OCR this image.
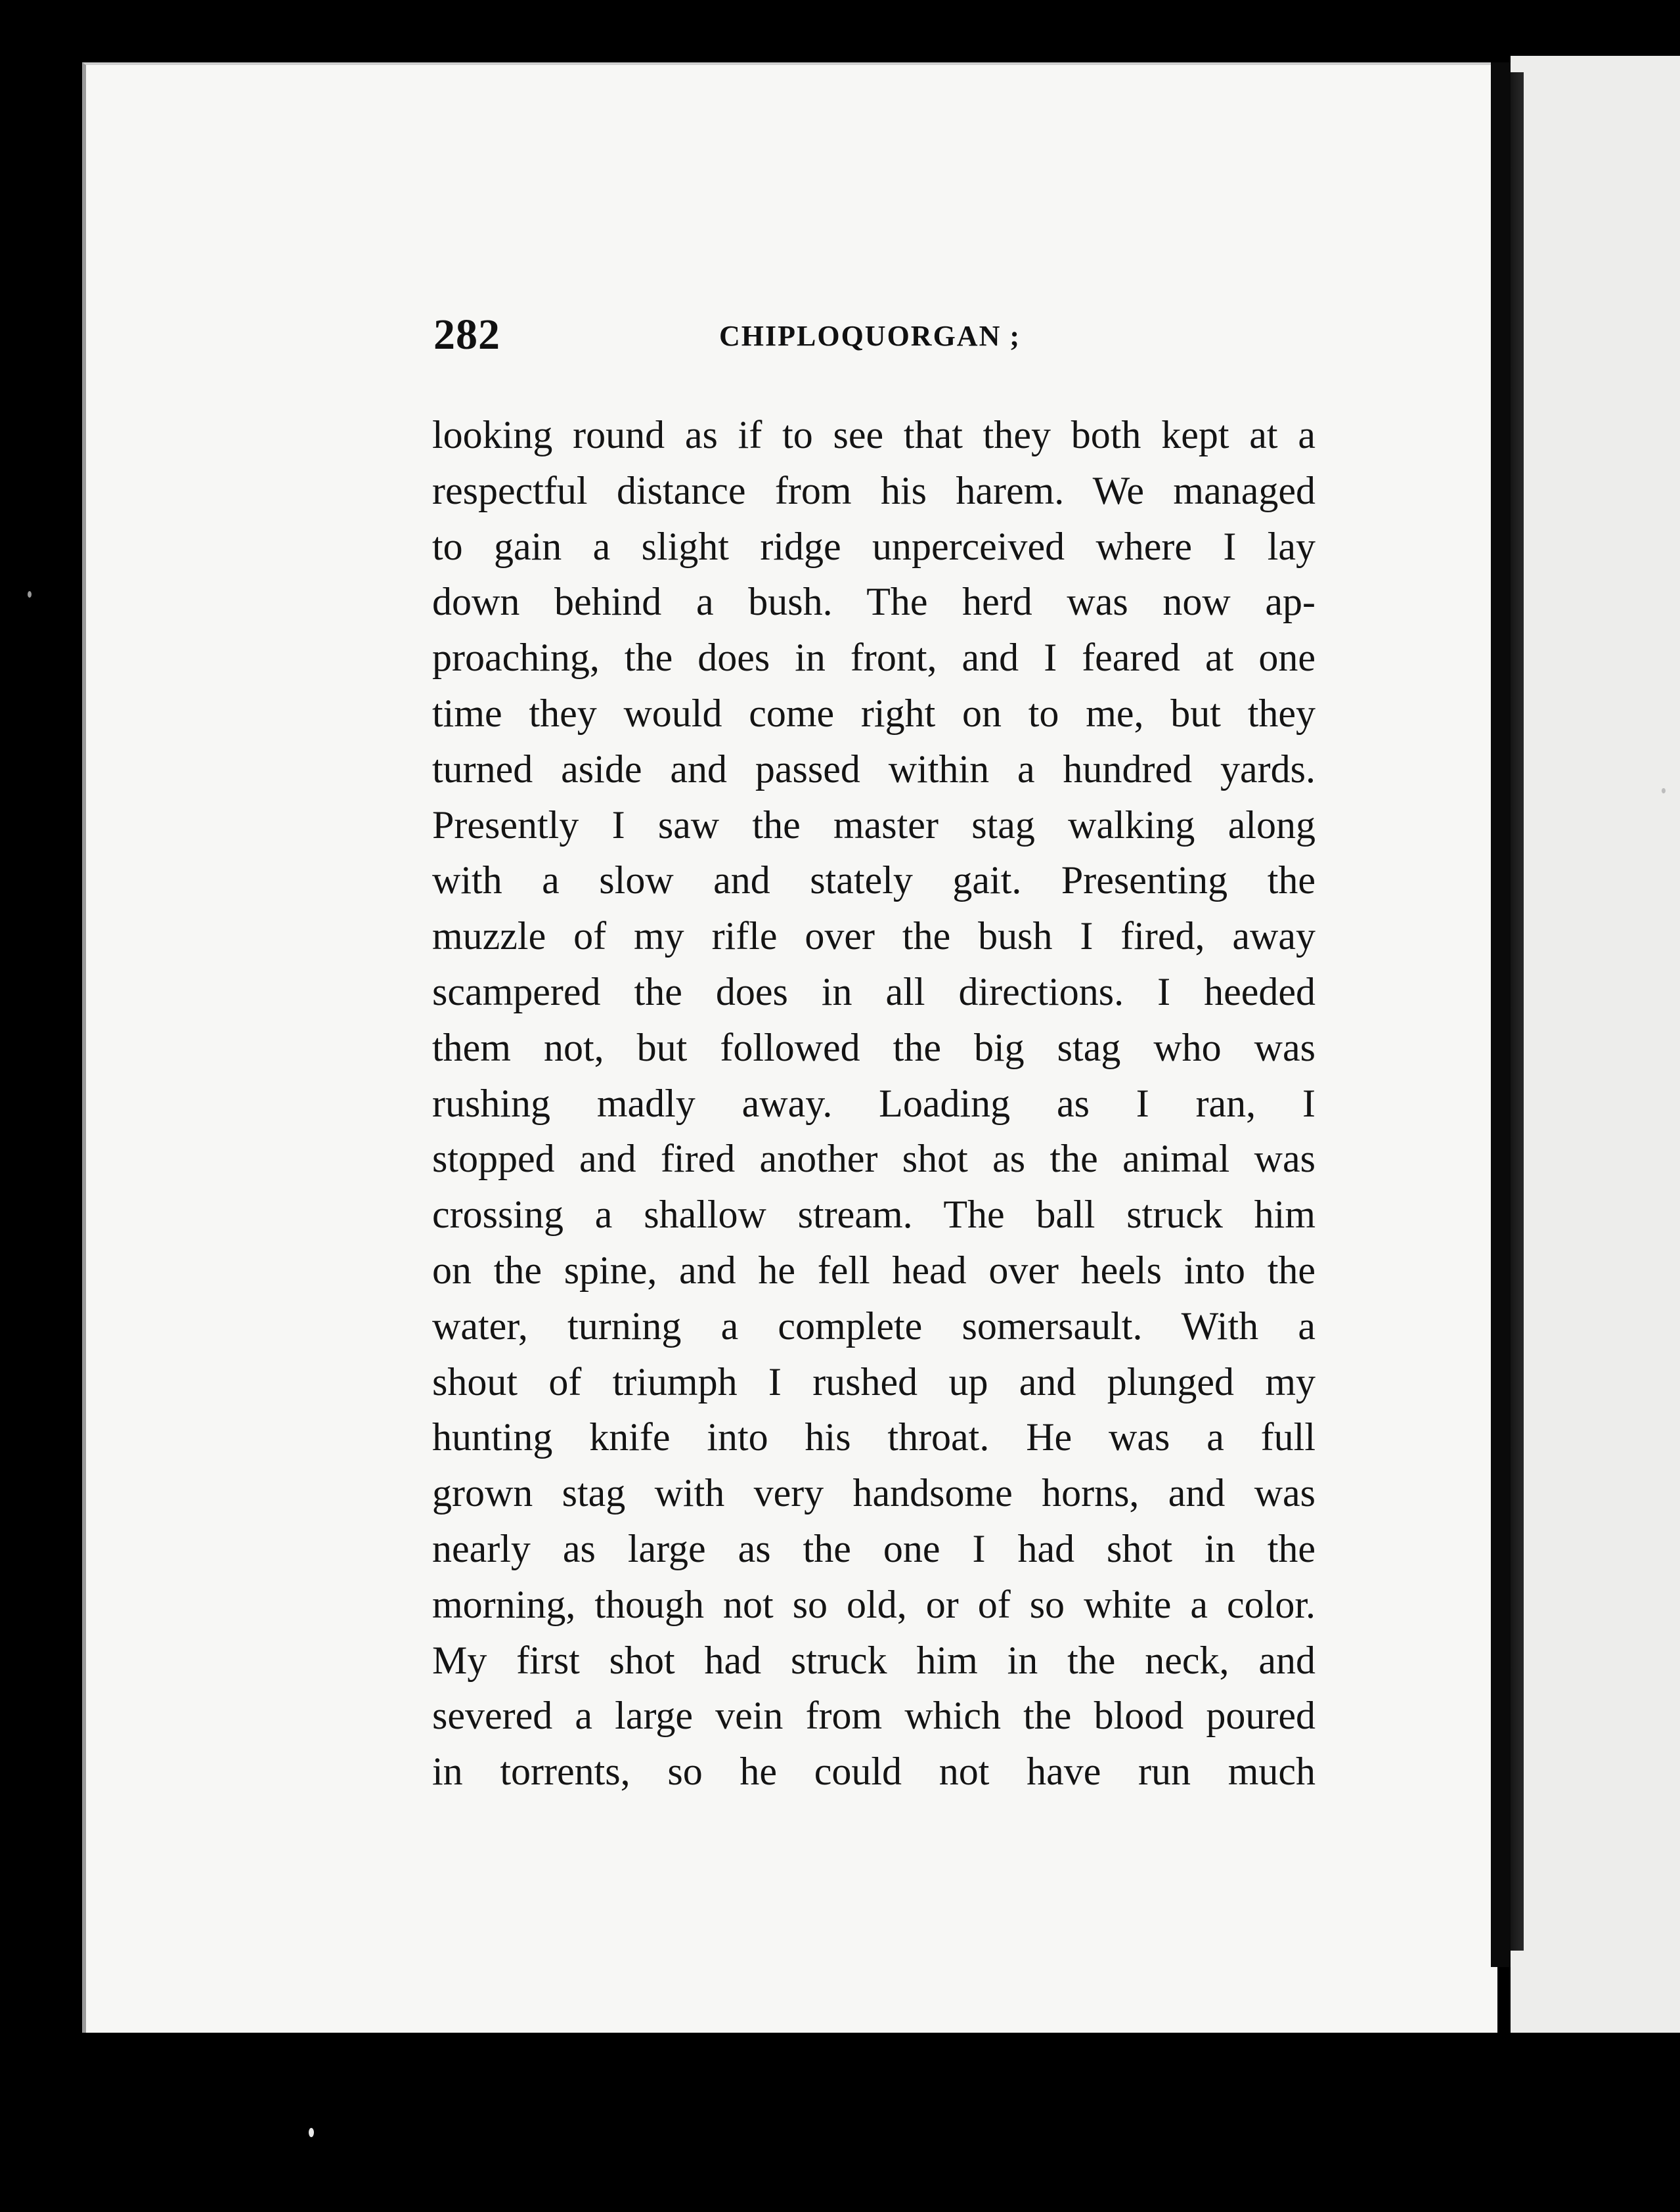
282	CHIPLOQUORGAN ;
looking round as if to see that they both kept at a
respectful distance from his harem. We managed
to gain a slight ridge unperceived where I lay
down behind a bush. The herd was now ap-
proaching, the does in front, and I feared at one
time they would come right on to me, but they
turned aside and passed within a hundred yards.
Presently I saw the master stag walking along
with a slow and stately gait. Presenting the
muzzle of my rifle over the bush I fired, away
scampered the does in all directions. I heeded
them not, but followed the big stag who was
rushing madly away. Loading as I ran, I
stopped and fired another shot as the animal was
crossing a shallow stream. The ball struck him
on the spine, and he fell head over heels into the
water, turning a complete somersault. With a
shout of triumph I rushed up and plunged my
hunting knife into his throat. He was a full
grown stag with very handsome horns, and was
nearly as large as the one I had shot in the
morning, though not so old, or of so white a color.
My first shot had struck him in the neck, and
severed a large vein from which the blood poured
in torrents, so he could not have run much
